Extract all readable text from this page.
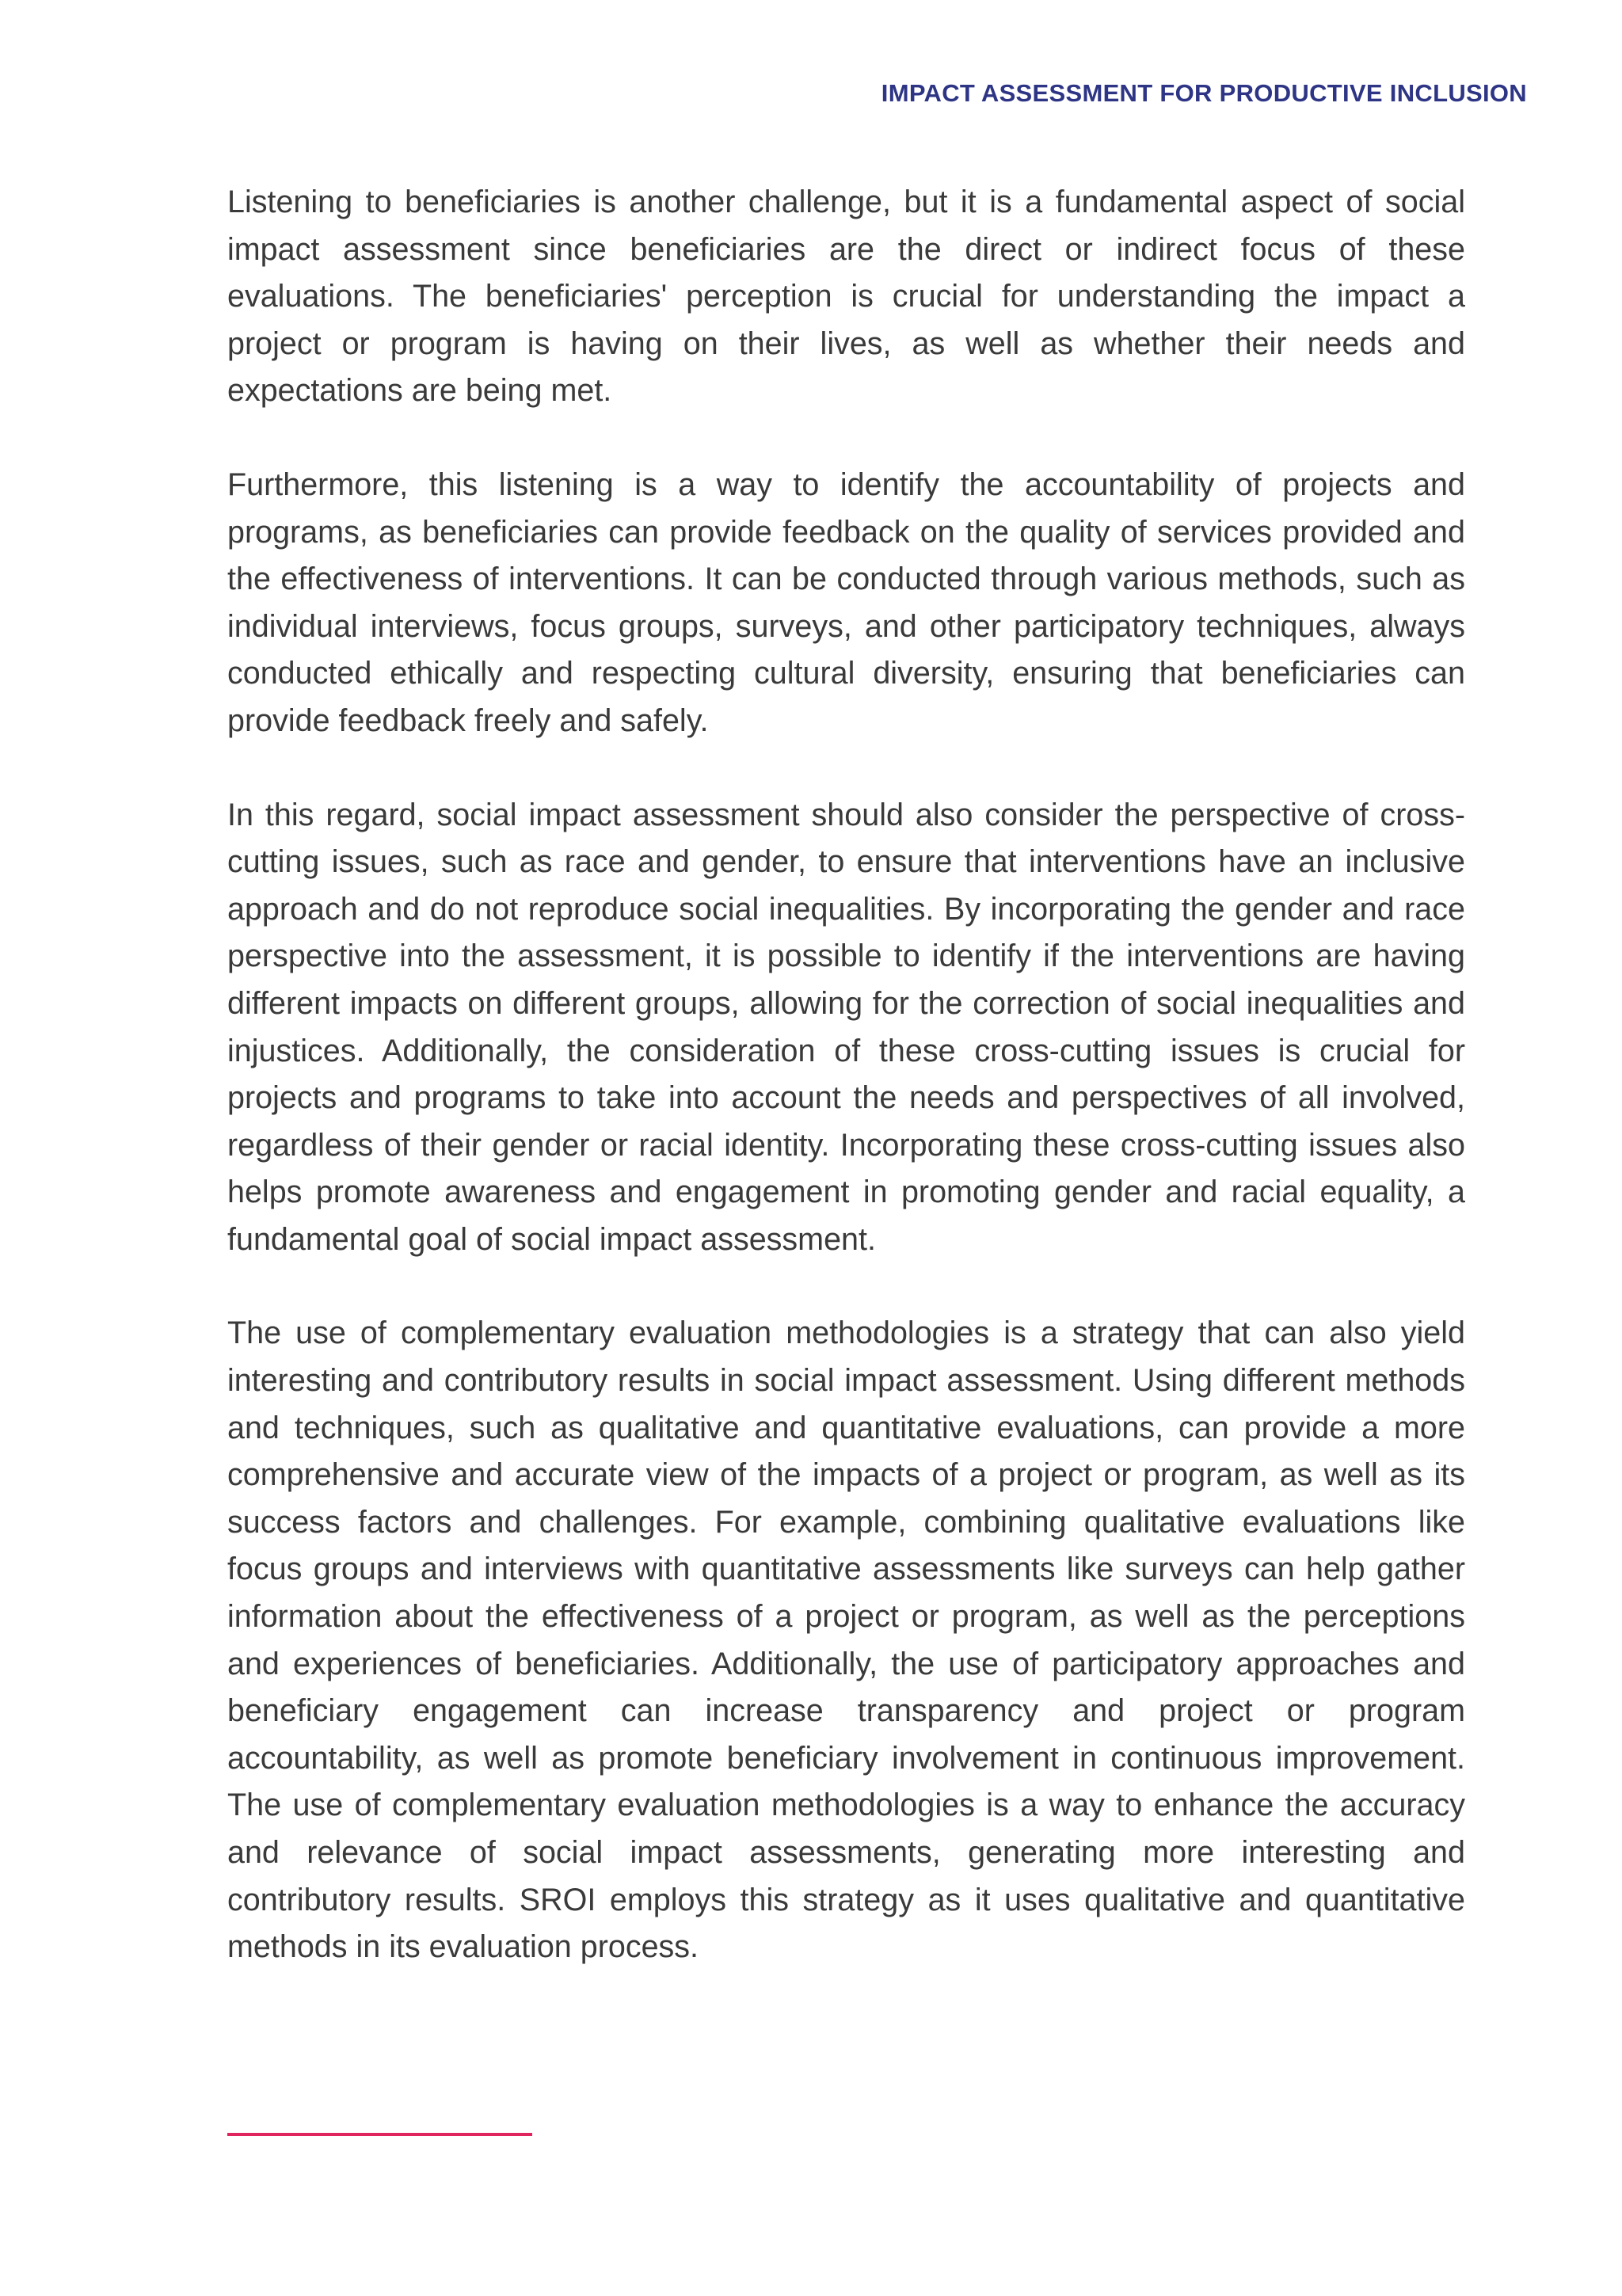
IMPACT ASSESSMENT FOR PRODUCTIVE INCLUSION

Listening to beneficiaries is another challenge, but it is a fundamental aspect of social impact assessment since beneficiaries are the direct or indirect focus of these evaluations. The beneficiaries' perception is crucial for understanding the impact a project or program is having on their lives, as well as whether their needs and expectations are being met.

Furthermore, this listening is a way to identify the accountability of projects and programs, as beneficiaries can provide feedback on the quality of services provided and the effectiveness of interventions. It can be conducted through various methods, such as individual interviews, focus groups, surveys, and other participatory techniques, always conducted ethically and respecting cultural diversity, ensuring that beneficiaries can provide feedback freely and safely.

In this regard, social impact assessment should also consider the perspective of cross-cutting issues, such as race and gender, to ensure that interventions have an inclusive approach and do not reproduce social inequalities. By incorporating the gender and race perspective into the assessment, it is possible to identify if the interventions are having different impacts on different groups, allowing for the correction of social inequalities and injustices. Additionally, the consideration of these cross-cutting issues is crucial for projects and programs to take into account the needs and perspectives of all involved, regardless of their gender or racial identity. Incorporating these cross-cutting issues also helps promote awareness and engagement in promoting gender and racial equality, a fundamental goal of social impact assessment.

The use of complementary evaluation methodologies is a strategy that can also yield interesting and contributory results in social impact assessment. Using different methods and techniques, such as qualitative and quantitative evaluations, can provide a more comprehensive and accurate view of the impacts of a project or program, as well as its success factors and challenges. For example, combining qualitative evaluations like focus groups and interviews with quantitative assessments like surveys can help gather information about the effectiveness of a project or program, as well as the perceptions and experiences of beneficiaries. Additionally, the use of participatory approaches and beneficiary engagement can increase transparency and project or program accountability, as well as promote beneficiary involvement in continuous improvement. The use of complementary evaluation methodologies is a way to enhance the accuracy and relevance of social impact assessments, generating more interesting and contributory results. SROI employs this strategy as it uses qualitative and quantitative methods in its evaluation process.
